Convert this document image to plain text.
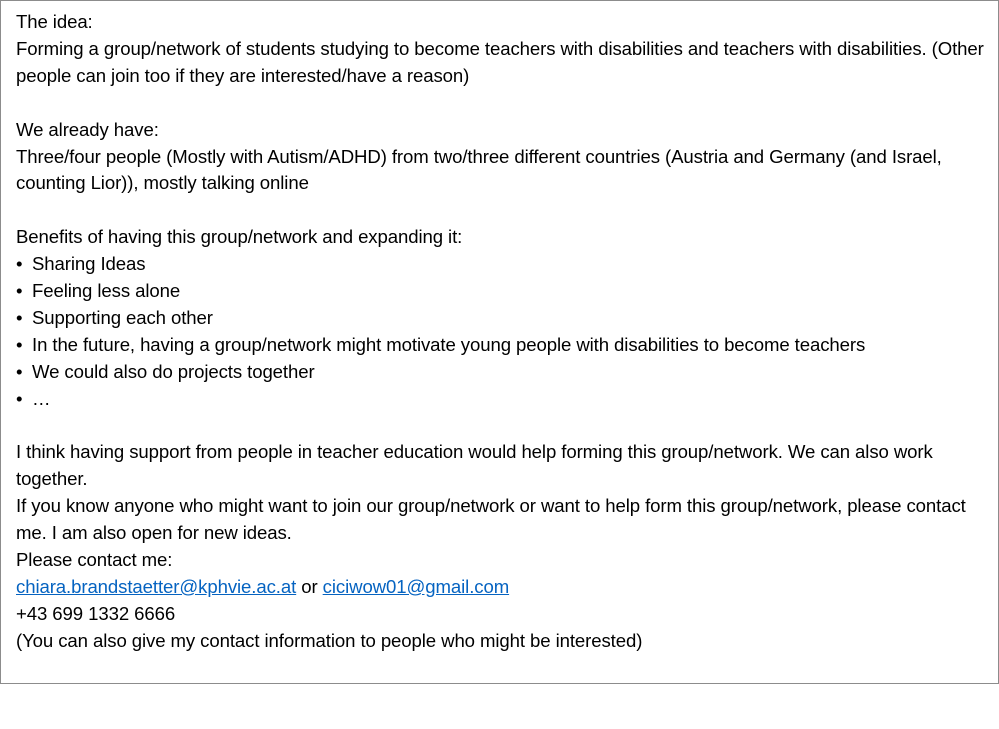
The idea:
Forming a group/network of students studying to become teachers with disabilities and teachers with disabilities. (Other people can join too if they are interested/have a reason)
We already have:
Three/four people (Mostly with Autism/ADHD) from two/three different countries (Austria and Germany (and Israel, counting Lior)), mostly talking online
Benefits of having this group/network and expanding it:
• Sharing Ideas
• Feeling less alone
• Supporting each other
• In the future, having a group/network might motivate young people with disabilities to become teachers
• We could also do projects together
• …
I think having support from people in teacher education would help forming this group/network. We can also work together.
If you know anyone who might want to join our group/network or want to help form this group/network, please contact me. I am also open for new ideas.
Please contact me:
chiara.brandstaetter@kphvie.ac.at or ciciwow01@gmail.com
+43 699 1332 6666
(You can also give my contact information to people who might be interested)
